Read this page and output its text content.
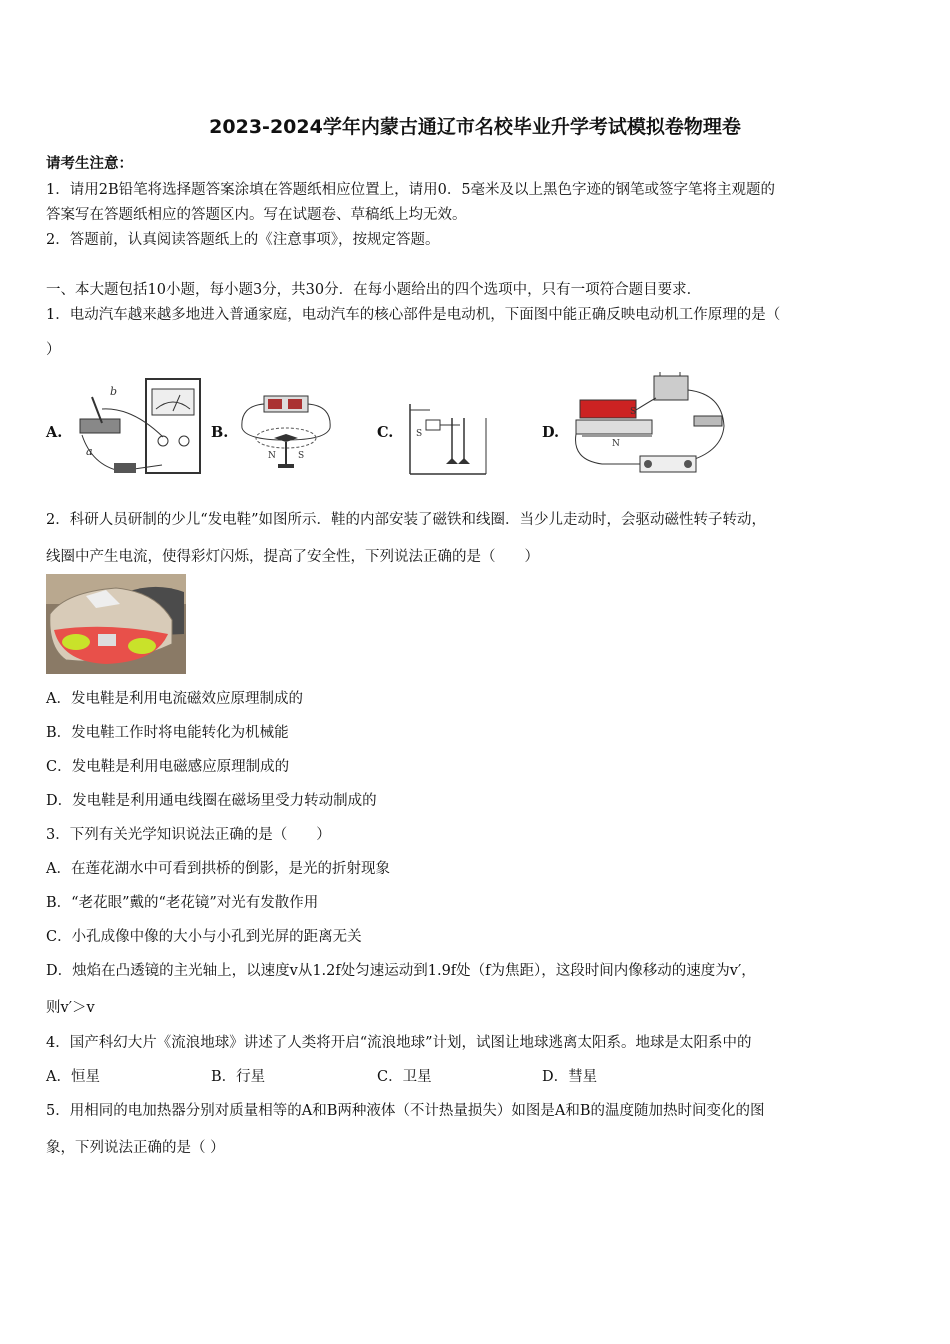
2023-2024学年内蒙古通辽市名校毕业升学考试模拟卷物理卷
请考生注意：
1．请用2B铅笔将选择题答案涂填在答题纸相应位置上，请用0．5毫米及以上黑色字迹的钢笔或签字笔将主观题的
答案写在答题纸相应的答题区内。写在试题卷、草稿纸上均无效。
2．答题前，认真阅读答题纸上的《注意事项》，按规定答题。
一、本大题包括10小题，每小题3分，共30分．在每小题给出的四个选项中，只有一项符合题目要求．
1．电动汽车越来越多地进入普通家庭，电动汽车的核心部件是电动机，下面图中能正确反映电动机工作原理的是（
）
A.	B.	C.	D.
a
b
N S
S
S
N
2．科研人员研制的少儿“发电鞋”如图所示．鞋的内部安装了磁铁和线圈．当少儿走动时，会驱动磁性转子转动，
线圈中产生电流，使得彩灯闪烁，提高了安全性，下列说法正确的是（　　）
A．发电鞋是利用电流磁效应原理制成的
B．发电鞋工作时将电能转化为机械能
C．发电鞋是利用电磁感应原理制成的
D．发电鞋是利用通电线圈在磁场里受力转动制成的
3．下列有关光学知识说法正确的是（　　）
A．在莲花湖水中可看到拱桥的倒影，是光的折射现象
B．“老花眼”戴的“老花镜”对光有发散作用
C．小孔成像中像的大小与小孔到光屏的距离无关
D．烛焰在凸透镜的主光轴上，以速度v从1.2f处匀速运动到1.9f处（f为焦距），这段时间内像移动的速度为v′，
则v′＞v
4．国产科幻大片《流浪地球》讲述了人类将开启“流浪地球”计划，试图让地球逃离太阳系。地球是太阳系中的
A．恒星	B．行星	C．卫星	D．彗星
5．用相同的电加热器分别对质量相等的A和B两种液体（不计热量损失）如图是A和B的温度随加热时间变化的图
象，下列说法正确的是（ ）
